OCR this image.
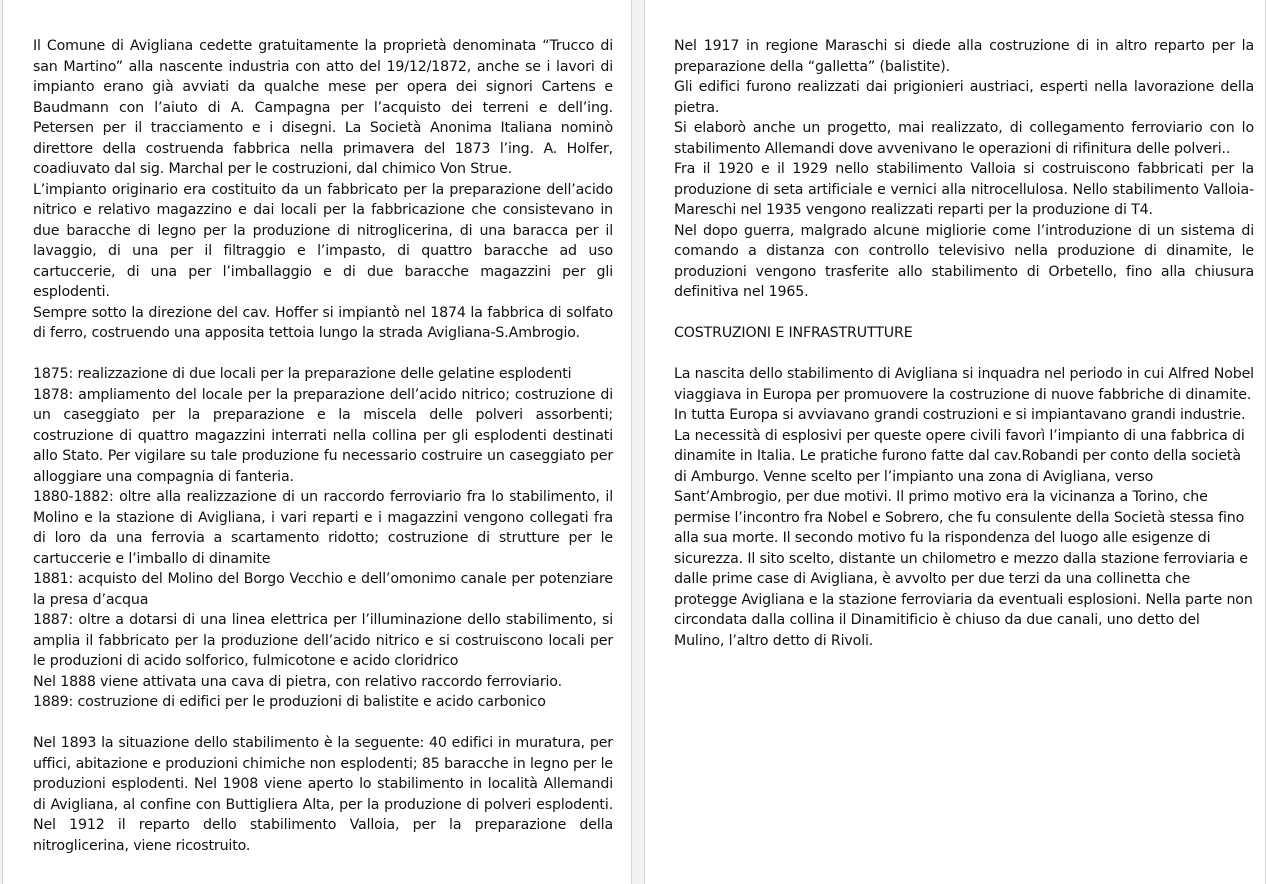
Il Comune di Avigliana cedette gratuitamente la proprietà denominata “Trucco di san Martino” alla nascente industria con atto del 19/12/1872, anche se i lavori di impianto erano già avviati da qualche mese per opera dei signori Cartens e Baudmann con l’aiuto di A. Campagna per l’acquisto dei terreni e dell’ing. Petersen per il tracciamento e i disegni. La Società Anonima Italiana nominò direttore della costruenda fabbrica nella primavera del 1873 l’ing. A. Holfer, coadiuvato dal sig. Marchal per le costruzioni, dal chimico Von Strue.

L’impianto originario era costituito da un fabbricato per la preparazione dell’acido nitrico e relativo magazzino e dai locali per la fabbricazione che consistevano in due baracche di legno per la produzione di nitroglicerina, di una baracca per il lavaggio, di una per il filtraggio e l’impasto, di quattro baracche ad uso cartuccerie, di una per l’imballaggio e di due baracche magazzini per gli esplodenti.

Sempre sotto la direzione del cav. Hoffer si impiantò nel 1874 la fabbrica di solfato di ferro, costruendo una apposita tettoia lungo la strada Avigliana-S.Ambrogio.

1875: realizzazione di due locali per la preparazione delle gelatine esplodenti

1878: ampliamento del locale per la preparazione dell’acido nitrico; costruzione di un caseggiato per la preparazione e la miscela delle polveri assorbenti; costruzione di quattro magazzini interrati nella collina per gli esplodenti destinati allo Stato. Per vigilare su tale produzione fu necessario costruire un caseggiato per alloggiare una compagnia di fanteria.

1880-1882: oltre alla realizzazione di un raccordo ferroviario fra lo stabilimento, il Molino e la stazione di Avigliana, i vari reparti e i magazzini vengono collegati fra di loro da una ferrovia a scartamento ridotto; costruzione di strutture per le cartuccerie e l’imballo di dinamite

1881: acquisto del Molino del Borgo Vecchio e dell’omonimo canale per potenziare la presa d’acqua

1887: oltre a dotarsi di una linea elettrica per l’illuminazione dello stabilimento, si amplia il fabbricato per la produzione dell’acido nitrico e si costruiscono locali per le produzioni di acido solforico, fulmicotone e acido cloridrico

Nel 1888 viene attivata una cava di pietra, con relativo raccordo ferroviario.

1889: costruzione di edifici per le produzioni di balistite e acido carbonico

Nel 1893 la situazione dello stabilimento è la seguente: 40 edifici in muratura, per uffici, abitazione e produzioni chimiche non esplodenti; 85 baracche in legno per le produzioni esplodenti. Nel 1908 viene aperto lo stabilimento in località Allemandi di Avigliana, al confine con Buttigliera Alta, per la produzione di polveri esplodenti. Nel 1912 il reparto dello stabilimento Valloia, per la preparazione della nitroglicerina, viene ricostruito.

Nel 1917 in regione Maraschi si diede alla costruzione di in altro reparto per la preparazione della “galletta” (balistite).

Gli edifici furono realizzati dai prigionieri austriaci, esperti nella lavorazione della pietra.

Si elaborò anche un progetto, mai realizzato, di collegamento ferroviario con lo stabilimento Allemandi dove avvenivano le operazioni di rifinitura delle polveri..

Fra il 1920 e il 1929 nello stabilimento Valloia si costruiscono fabbricati per la produzione di seta artificiale e vernici alla nitrocellulosa. Nello stabilimento Valloia-Mareschi nel 1935 vengono realizzati reparti per la produzione di T4.

Nel dopo guerra, malgrado alcune migliorie come l’introduzione di un sistema di comando a distanza con controllo televisivo nella produzione di dinamite, le produzioni vengono trasferite allo stabilimento di Orbetello, fino alla chiusura definitiva nel 1965.

COSTRUZIONI E INFRASTRUTTURE

La nascita dello stabilimento di Avigliana si inquadra nel periodo in cui Alfred Nobel viaggiava in Europa per promuovere la costruzione di nuove fabbriche di dinamite. In tutta Europa si avviavano grandi costruzioni e si impiantavano grandi industrie. La necessità di esplosivi per queste opere civili favorì l’impianto di una fabbrica di dinamite in Italia. Le pratiche furono fatte dal cav.Robandi per conto della società di Amburgo. Venne scelto per l’impianto una zona di Avigliana, verso Sant’Ambrogio, per due motivi. Il primo motivo era la vicinanza a Torino, che permise l’incontro fra Nobel e Sobrero, che fu consulente della Società stessa fino alla sua morte. Il secondo motivo fu la rispondenza del luogo alle esigenze di sicurezza. Il sito scelto, distante un chilometro e mezzo dalla stazione ferroviaria e dalle prime case di Avigliana, è avvolto per due terzi da una collinetta che protegge Avigliana e la stazione ferroviaria da eventuali esplosioni. Nella parte non circondata dalla collina il Dinamitificio è chiuso da due canali, uno detto del Mulino, l’altro detto di Rivoli.
